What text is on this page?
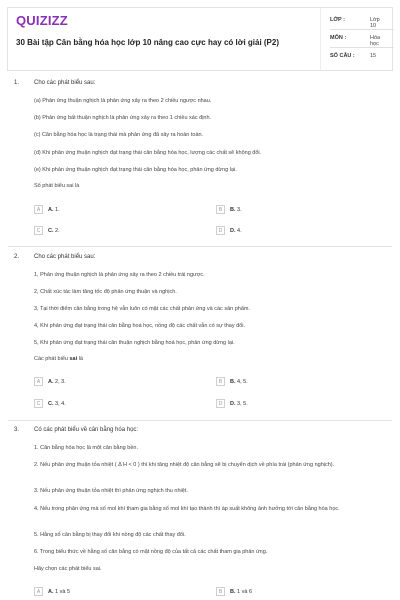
QUIZIZZ
30 Bài tập Cân bằng hóa học lớp 10 nâng cao cực hay có lời giải (P2)
LỚP :	Lớp 10
MÔN :	Hóa học
SỐ CÂU :	15
1. Cho các phát biểu sau:
(a) Phản ứng thuận nghịch là phản ứng xảy ra theo 2 chiều ngược nhau.
(b) Phản ứng bất thuận nghịch là phản ứng xảy ra theo 1 chiều xác định.
(c) Cân bằng hóa học là trạng thái mà phản ứng đã xảy ra hoàn toàn.
(d) Khi phản ứng thuận nghịch đạt trạng thái cân bằng hóa học, lượng các chất sẽ không đổi.
(e) Khi phản ứng thuận nghịch đạt trạng thái cân bằng hóa học, phản ứng dừng lại.
Số phát biểu sai là
A	A. 1.	B	B. 3.
C	C. 2.	D	D. 4.
2. Cho các phát biểu sau:
1, Phản ứng thuận nghịch là phản ứng xảy ra theo 2 chiều trái ngược.
2, Chất xúc tác làm tăng tốc độ phản ứng thuận và nghịch.
3, Tại thời điểm cân bằng trong hệ vẫn luôn có mặt các chất phản ứng và các sản phẩm.
4, Khi phản ứng đạt trạng thái cân bằng hoá học, nồng độ các chất vẫn có sự thay đổi.
5, Khi phản ứng đạt trạng thái cân thuận nghịch bằng hoá học, phản ứng dừng lại.
Các phát biểu sai là
A	A. 2, 3.	B	B. 4, 5.
C	C. 3, 4.	D	D. 3, 5.
3. Có các phát biểu về cân bằng hóa học:
1. Cân bằng hóa học là một cân bằng bền.
2. Nếu phản ứng thuận tỏa nhiệt ( Δ H < 0 ) thì khi tăng nhiệt độ cân bằng sẽ bị chuyển dịch về phía trái (phản ứng nghịch).
3. Nếu phản ứng thuận tỏa nhiệt thì phản ứng nghịch thu nhiệt.
4. Nếu trong phản ứng mà số mol khí tham gia bằng số mol khí tạo thành thì áp suất không ảnh hưởng tới cân bằng hóa học.
5. Hằng số cân bằng bị thay đổi khi nồng độ các chất thay đổi.
6. Trong biểu thức về hằng số cân bằng có mặt nồng độ của tất cả các chất tham gia phản ứng.
Hãy chọn các phát biểu sai.
A	A. 1 và 5	B	B. 1 và 6
